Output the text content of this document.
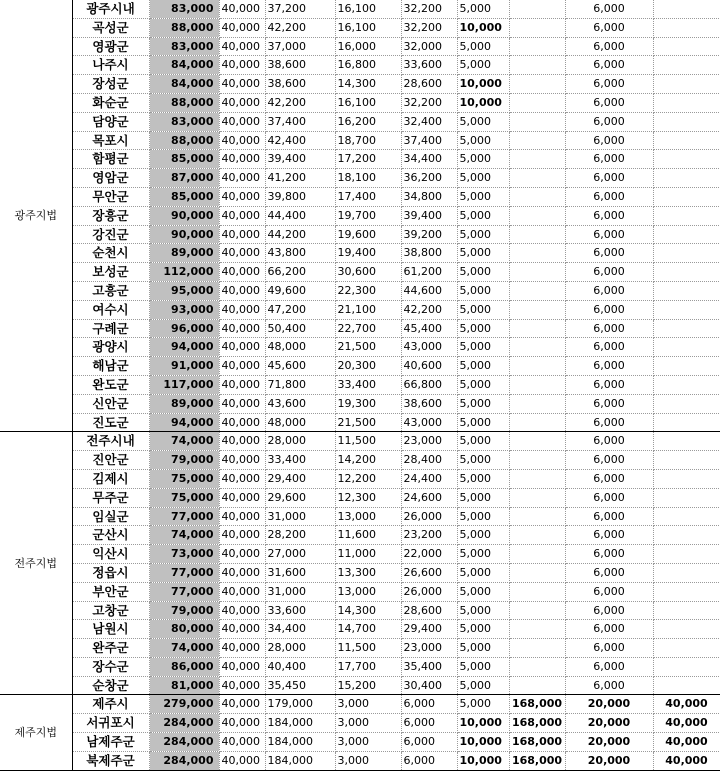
광주지법	광주시내	83,000	40,000	37,200	16,100	32,200	5,000		6,000	
	곡성군	88,000	40,000	42,200	16,100	32,200	10,000		6,000	
	영광군	83,000	40,000	37,000	16,000	32,000	5,000		6,000	
	나주시	84,000	40,000	38,600	16,800	33,600	5,000		6,000	
	장성군	84,000	40,000	38,600	14,300	28,600	10,000		6,000	
	화순군	88,000	40,000	42,200	16,100	32,200	10,000		6,000	
	담양군	83,000	40,000	37,400	16,200	32,400	5,000		6,000	
	목포시	88,000	40,000	42,400	18,700	37,400	5,000		6,000	
	함평군	85,000	40,000	39,400	17,200	34,400	5,000		6,000	
	영암군	87,000	40,000	41,200	18,100	36,200	5,000		6,000	
	무안군	85,000	40,000	39,800	17,400	34,800	5,000		6,000	
	장흥군	90,000	40,000	44,400	19,700	39,400	5,000		6,000	
	강진군	90,000	40,000	44,200	19,600	39,200	5,000		6,000	
	순천시	89,000	40,000	43,800	19,400	38,800	5,000		6,000	
	보성군	112,000	40,000	66,200	30,600	61,200	5,000		6,000	
	고흥군	95,000	40,000	49,600	22,300	44,600	5,000		6,000	
	여수시	93,000	40,000	47,200	21,100	42,200	5,000		6,000	
	구례군	96,000	40,000	50,400	22,700	45,400	5,000		6,000	
	광양시	94,000	40,000	48,000	21,500	43,000	5,000		6,000	
	해남군	91,000	40,000	45,600	20,300	40,600	5,000		6,000	
	완도군	117,000	40,000	71,800	33,400	66,800	5,000		6,000	
	신안군	89,000	40,000	43,600	19,300	38,600	5,000		6,000	
	진도군	94,000	40,000	48,000	21,500	43,000	5,000		6,000	
전주지법	전주시내	74,000	40,000	28,000	11,500	23,000	5,000		6,000	
	진안군	79,000	40,000	33,400	14,200	28,400	5,000		6,000	
	김제시	75,000	40,000	29,400	12,200	24,400	5,000		6,000	
	무주군	75,000	40,000	29,600	12,300	24,600	5,000		6,000	
	임실군	77,000	40,000	31,000	13,000	26,000	5,000		6,000	
	군산시	74,000	40,000	28,200	11,600	23,200	5,000		6,000	
	익산시	73,000	40,000	27,000	11,000	22,000	5,000		6,000	
	정읍시	77,000	40,000	31,600	13,300	26,600	5,000		6,000	
	부안군	77,000	40,000	31,000	13,000	26,000	5,000		6,000	
	고창군	79,000	40,000	33,600	14,300	28,600	5,000		6,000	
	남원시	80,000	40,000	34,400	14,700	29,400	5,000		6,000	
	완주군	74,000	40,000	28,000	11,500	23,000	5,000		6,000	
	장수군	86,000	40,000	40,400	17,700	35,400	5,000		6,000	
	순창군	81,000	40,000	35,450	15,200	30,400	5,000		6,000	
제주지법	제주시	279,000	40,000	179,000	3,000	6,000	5,000	168,000	20,000	40,000
	서귀포시	284,000	40,000	184,000	3,000	6,000	10,000	168,000	20,000	40,000
	남제주군	284,000	40,000	184,000	3,000	6,000	10,000	168,000	20,000	40,000
	북제주군	284,000	40,000	184,000	3,000	6,000	10,000	168,000	20,000	40,000
